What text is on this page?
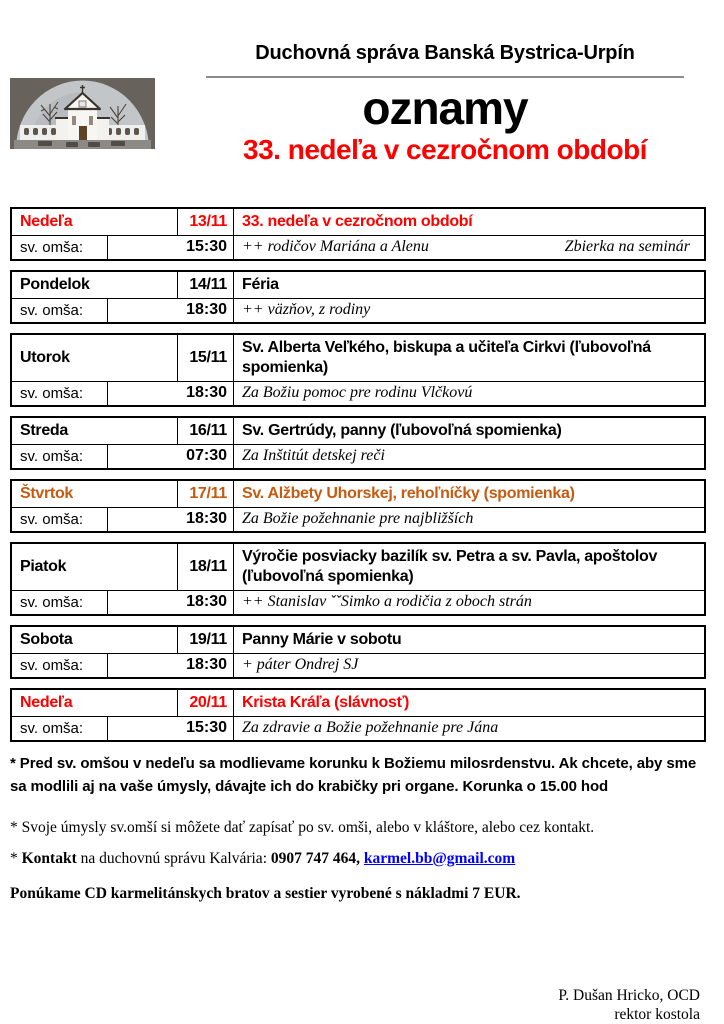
Duchovná správa Banská Bystrica-Urpín
oznamy
33. nedeľa v cezročnom období
Nedeľa	13/11 33. nedeľa v cezročnom období
sv. omša:	15:30 ++ rodičov Mariána a Alenu	Zbierka na seminár
Pondelok	14/11 Féria
sv. omša:	18:30 ++ väzňov, z rodiny
Utorok	15/11
Sv. Alberta Veľkého, biskupa a učiteľa Cirkvi (ľubovoľná spomienka)
sv. omša:	18:30 Za Božiu pomoc pre rodinu Vlčkovú
Streda	16/11 Sv. Gertrúdy, panny (ľubovoľná spomienka)
sv. omša:	07:30 Za Inštitút detskej reči
Štvrtok	17/11 Sv. Alžbety Uhorskej, rehoľníčky (spomienka)
sv. omša:	18:30 Za Božie požehnanie pre najbližších
Piatok	18/11
Výročie posviacky bazilík sv. Petra a sv. Pavla, apoštolov (ľubovoľná spomienka)
sv. omša:	18:30 ++ Stanislav ˇˇSimko a rodičia z oboch strán
Sobota	19/11 Panny Márie v sobotu
sv. omša:	18:30 + páter Ondrej SJ
Nedeľa	20/11 Krista Kráľa (slávnosť)
sv. omša:	15:30 Za zdravie a Božie požehnanie pre Jána

* Pred sv. omšou v nedeľu sa modlievame korunku k Božiemu milosrdenstvu. Ak chcete, aby sme sa modlili aj na vaše úmysly, dávajte ich do krabičky pri organe. Korunka o 15.00 hod

* Svoje úmysly sv.omší si môžete dať zapísať po sv. omši, alebo v kláštore, alebo cez kontakt.

* Kontakt na duchovnú správu Kalvária: 0907 747 464, karmel.bb@gmail.com

Ponúkame CD karmelitánskych bratov a sestier vyrobené s nákladmi 7 EUR.

P. Dušan Hricko, OCD
rektor kostola
